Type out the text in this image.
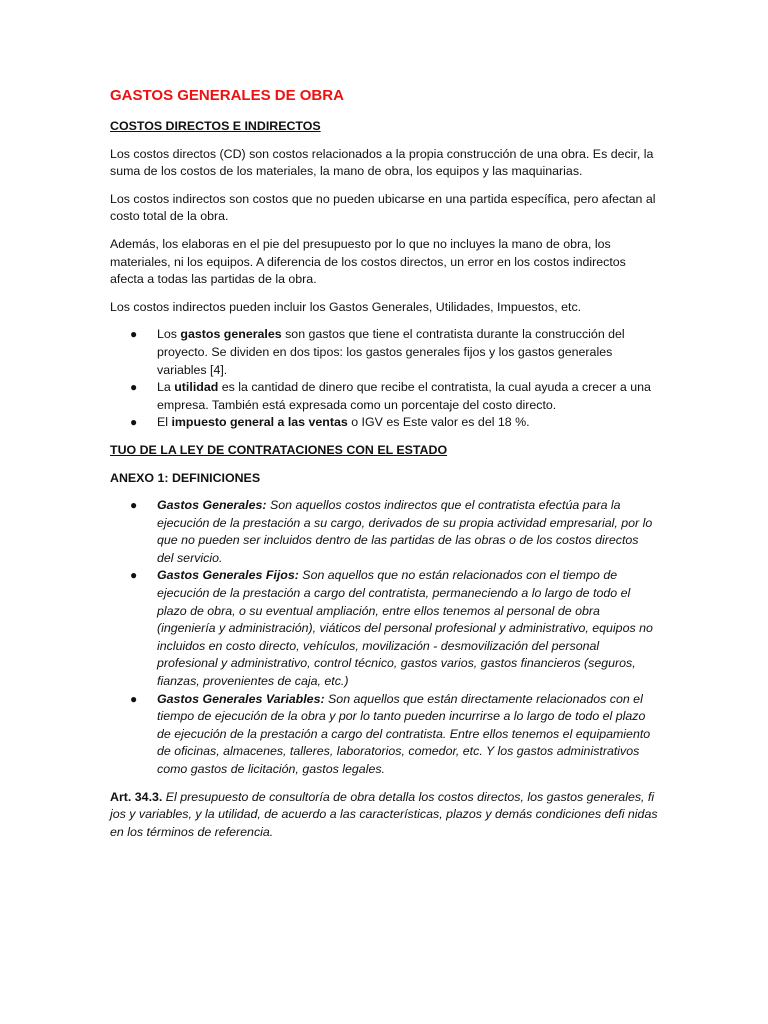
GASTOS GENERALES DE OBRA
COSTOS DIRECTOS E INDIRECTOS

Los costos directos (CD) son costos relacionados a la propia construcción de una obra. Es decir, la suma de los costos de los materiales, la mano de obra, los equipos y las maquinarias.

Los costos indirectos son costos que no pueden ubicarse en una partida específica, pero afectan al costo total de la obra.

Además, los elaboras en el pie del presupuesto por lo que no incluyes la mano de obra, los materiales, ni los equipos. A diferencia de los costos directos, un error en los costos indirectos afecta a todas las partidas de la obra.

Los costos indirectos pueden incluir los Gastos Generales, Utilidades, Impuestos, etc.

● Los gastos generales son gastos que tiene el contratista durante la construcción del proyecto. Se dividen en dos tipos: los gastos generales fijos y los gastos generales variables [4].
● La utilidad es la cantidad de dinero que recibe el contratista, la cual ayuda a crecer a una empresa. También está expresada como un porcentaje del costo directo.
● El impuesto general a las ventas o IGV es Este valor es del 18 %.
TUO DE LA LEY DE CONTRATACIONES CON EL ESTADO
ANEXO 1: DEFINICIONES
● Gastos Generales: Son aquellos costos indirectos que el contratista efectúa para la ejecución de la prestación a su cargo, derivados de su propia actividad empresarial, por lo que no pueden ser incluidos dentro de las partidas de las obras o de los costos directos del servicio.
● Gastos Generales Fijos: Son aquellos que no están relacionados con el tiempo de ejecución de la prestación a cargo del contratista, permaneciendo a lo largo de todo el plazo de obra, o su eventual ampliación, entre ellos tenemos al personal de obra (ingeniería y administración), viáticos del personal profesional y administrativo, equipos no incluidos en costo directo, vehículos, movilización - desmovilización del personal profesional y administrativo, control técnico, gastos varios, gastos financieros (seguros, fianzas, provenientes de caja, etc.)
● Gastos Generales Variables: Son aquellos que están directamente relacionados con el tiempo de ejecución de la obra y por lo tanto pueden incurrirse a lo largo de todo el plazo de ejecución de la prestación a cargo del contratista. Entre ellos tenemos el equipamiento de oficinas, almacenes, talleres, laboratorios, comedor, etc. Y los gastos administrativos como gastos de licitación, gastos legales.

Art. 34.3. El presupuesto de consultoría de obra detalla los costos directos, los gastos generales, fi jos y variables, y la utilidad, de acuerdo a las características, plazos y demás condiciones defi nidas en los términos de referencia.
